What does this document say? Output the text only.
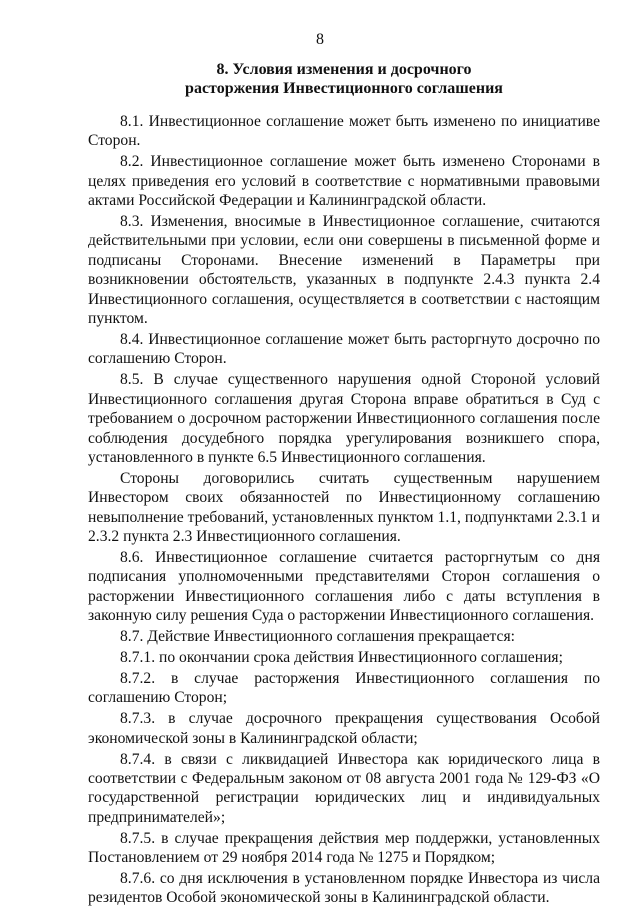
8
8. Условия изменения и досрочного
расторжения Инвестиционного соглашения

8.1. Инвестиционное соглашение может быть изменено по инициативе Сторон.

8.2. Инвестиционное соглашение может быть изменено Сторонами в целях приведения его условий в соответствие с нормативными правовыми актами Российской Федерации и Калининградской области.

8.3. Изменения, вносимые в Инвестиционное соглашение, считаются действительными при условии, если они совершены в письменной форме и подписаны Сторонами. Внесение изменений в Параметры при возникновении обстоятельств, указанных в подпункте 2.4.3 пункта 2.4 Инвестиционного соглашения, осуществляется в соответствии с настоящим пунктом.

8.4. Инвестиционное соглашение может быть расторгнуто досрочно по соглашению Сторон.

8.5. В случае существенного нарушения одной Стороной условий Инвестиционного соглашения другая Сторона вправе обратиться в Суд с требованием о досрочном расторжении Инвестиционного соглашения после соблюдения досудебного порядка урегулирования возникшего спора, установленного в пункте 6.5 Инвестиционного соглашения.

Стороны договорились считать существенным нарушением Инвестором своих обязанностей по Инвестиционному соглашению невыполнение требований, установленных пунктом 1.1, подпунктами 2.3.1 и 2.3.2 пункта 2.3 Инвестиционного соглашения.

8.6. Инвестиционное соглашение считается расторгнутым со дня подписания уполномоченными представителями Сторон соглашения о расторжении Инвестиционного соглашения либо с даты вступления в законную силу решения Суда о расторжении Инвестиционного соглашения.

8.7. Действие Инвестиционного соглашения прекращается:

8.7.1. по окончании срока действия Инвестиционного соглашения;

8.7.2. в случае расторжения Инвестиционного соглашения по соглашению Сторон;

8.7.3. в случае досрочного прекращения существования Особой экономической зоны в Калининградской области;

8.7.4. в связи с ликвидацией Инвестора как юридического лица в соответствии с Федеральным законом от 08 августа 2001 года № 129-ФЗ «О государственной регистрации юридических лиц и индивидуальных предпринимателей»;

8.7.5. в случае прекращения действия мер поддержки, установленных Постановлением от 29 ноября 2014 года № 1275 и Порядком;

8.7.6. со дня исключения в установленном порядке Инвестора из числа резидентов Особой экономической зоны в Калининградской области.
